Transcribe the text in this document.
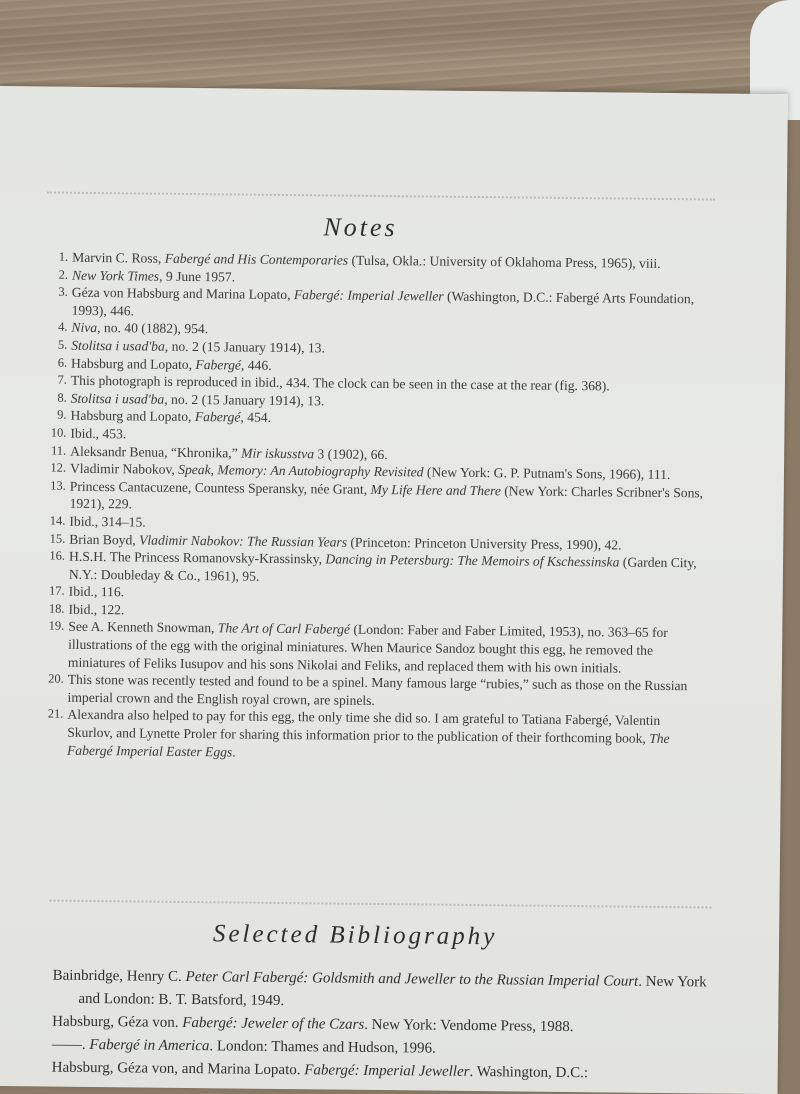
Notes
1. Marvin C. Ross, Fabergé and His Contemporaries (Tulsa, Okla.: University of Oklahoma Press, 1965), viii.
2. New York Times, 9 June 1957.
3. Géza von Habsburg and Marina Lopato, Fabergé: Imperial Jeweller (Washington, D.C.: Fabergé Arts Foundation, 1993), 446.
4. Niva, no. 40 (1882), 954.
5. Stolitsa i usad'ba, no. 2 (15 January 1914), 13.
6. Habsburg and Lopato, Fabergé, 446.
7. This photograph is reproduced in ibid., 434. The clock can be seen in the case at the rear (fig. 368).
8. Stolitsa i usad'ba, no. 2 (15 January 1914), 13.
9. Habsburg and Lopato, Fabergé, 454.
10. Ibid., 453.
11. Aleksandr Benua, “Khronika,” Mir iskusstva 3 (1902), 66.
12. Vladimir Nabokov, Speak, Memory: An Autobiography Revisited (New York: G. P. Putnam's Sons, 1966), 111.
13. Princess Cantacuzene, Countess Speransky, née Grant, My Life Here and There (New York: Charles Scribner's Sons, 1921), 229.
14. Ibid., 314–15.
15. Brian Boyd, Vladimir Nabokov: The Russian Years (Princeton: Princeton University Press, 1990), 42.
16. H.S.H. The Princess Romanovsky-Krassinsky, Dancing in Petersburg: The Memoirs of Kschessinska (Garden City, N.Y.: Doubleday & Co., 1961), 95.
17. Ibid., 116.
18. Ibid., 122.
19. See A. Kenneth Snowman, The Art of Carl Fabergé (London: Faber and Faber Limited, 1953), no. 363–65 for illustrations of the egg with the original miniatures. When Maurice Sandoz bought this egg, he removed the miniatures of Feliks Iusupov and his sons Nikolai and Feliks, and replaced them with his own initials.
20. This stone was recently tested and found to be a spinel. Many famous large “rubies,” such as those on the Russian imperial crown and the English royal crown, are spinels.
21. Alexandra also helped to pay for this egg, the only time she did so. I am grateful to Tatiana Fabergé, Valentin Skurlov, and Lynette Proler for sharing this information prior to the publication of their forthcoming book, The Fabergé Imperial Easter Eggs.
Selected Bibliography
Bainbridge, Henry C. Peter Carl Fabergé: Goldsmith and Jeweller to the Russian Imperial Court. New York and London: B. T. Batsford, 1949.
Habsburg, Géza von. Fabergé: Jeweler of the Czars. New York: Vendome Press, 1988.
——. Fabergé in America. London: Thames and Hudson, 1996.
Habsburg, Géza von, and Marina Lopato. Fabergé: Imperial Jeweller. Washington, D.C.:
